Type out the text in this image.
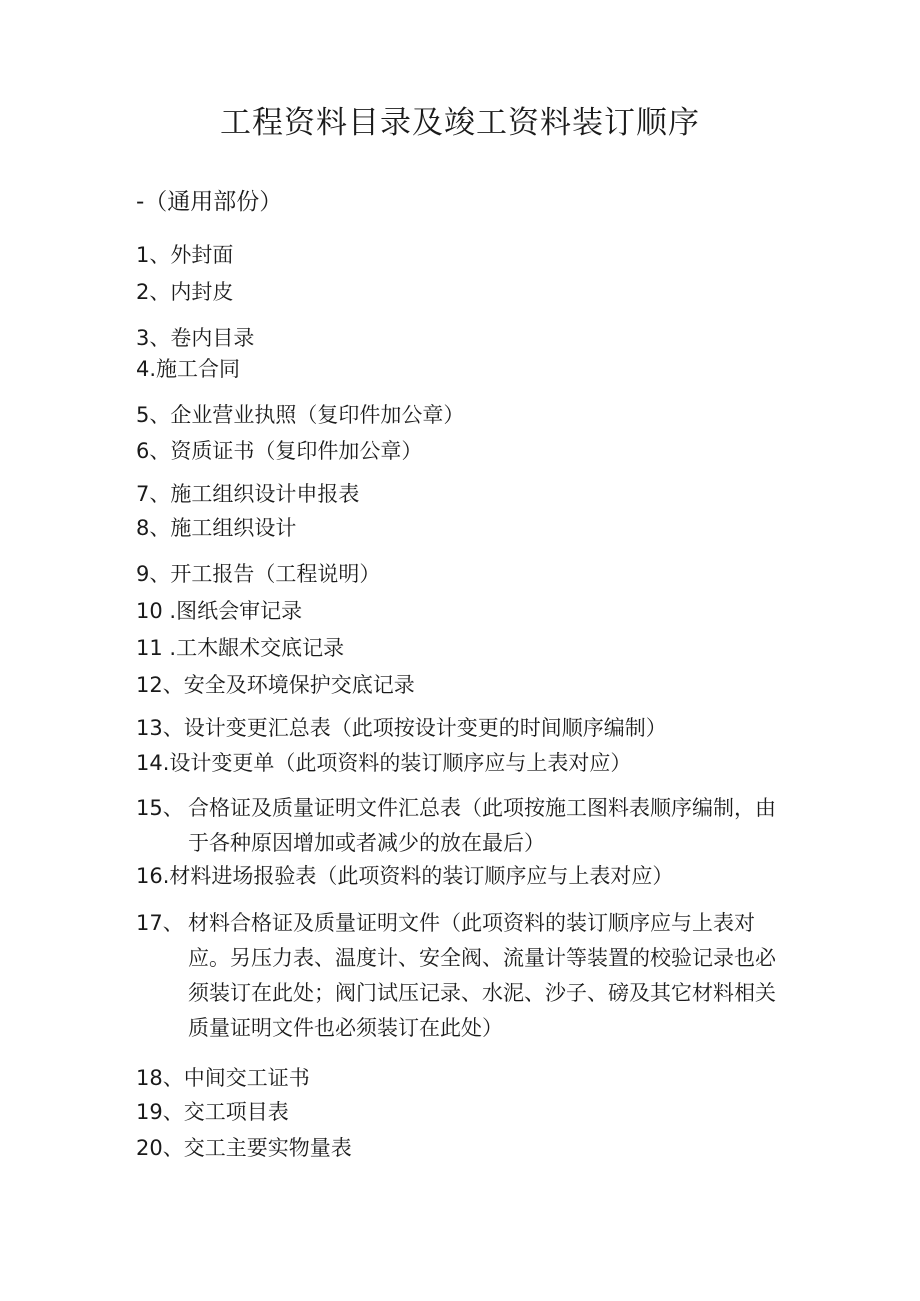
工程资料目录及竣工资料装订顺序
-（通用部份）
1、外封面
2、内封皮
3、卷内目录
4.施工合同
5、企业营业执照（复印件加公章）
6、资质证书（复印件加公章）
7、施工组织设计申报表
8、施工组织设计
9、开工报告（工程说明）
10 .图纸会审记录
11 .工木龈术交底记录
12、安全及环境保护交底记录
13、设计变更汇总表（此项按设计变更的时间顺序编制）
14.设计变更单（此项资料的装订顺序应与上表对应）
15、 合格证及质量证明文件汇总表（此项按施工图料表顺序编制，由于各种原因增加或者减少的放在最后）
16.材料进场报验表（此项资料的装订顺序应与上表对应）
17、 材料合格证及质量证明文件（此项资料的装订顺序应与上表对应。另压力表、温度计、安全阀、流量计等装置的校验记录也必须装订在此处；阀门试压记录、水泥、沙子、磅及其它材料相关质量证明文件也必须装订在此处）
18、中间交工证书
19、交工项目表
20、交工主要实物量表
